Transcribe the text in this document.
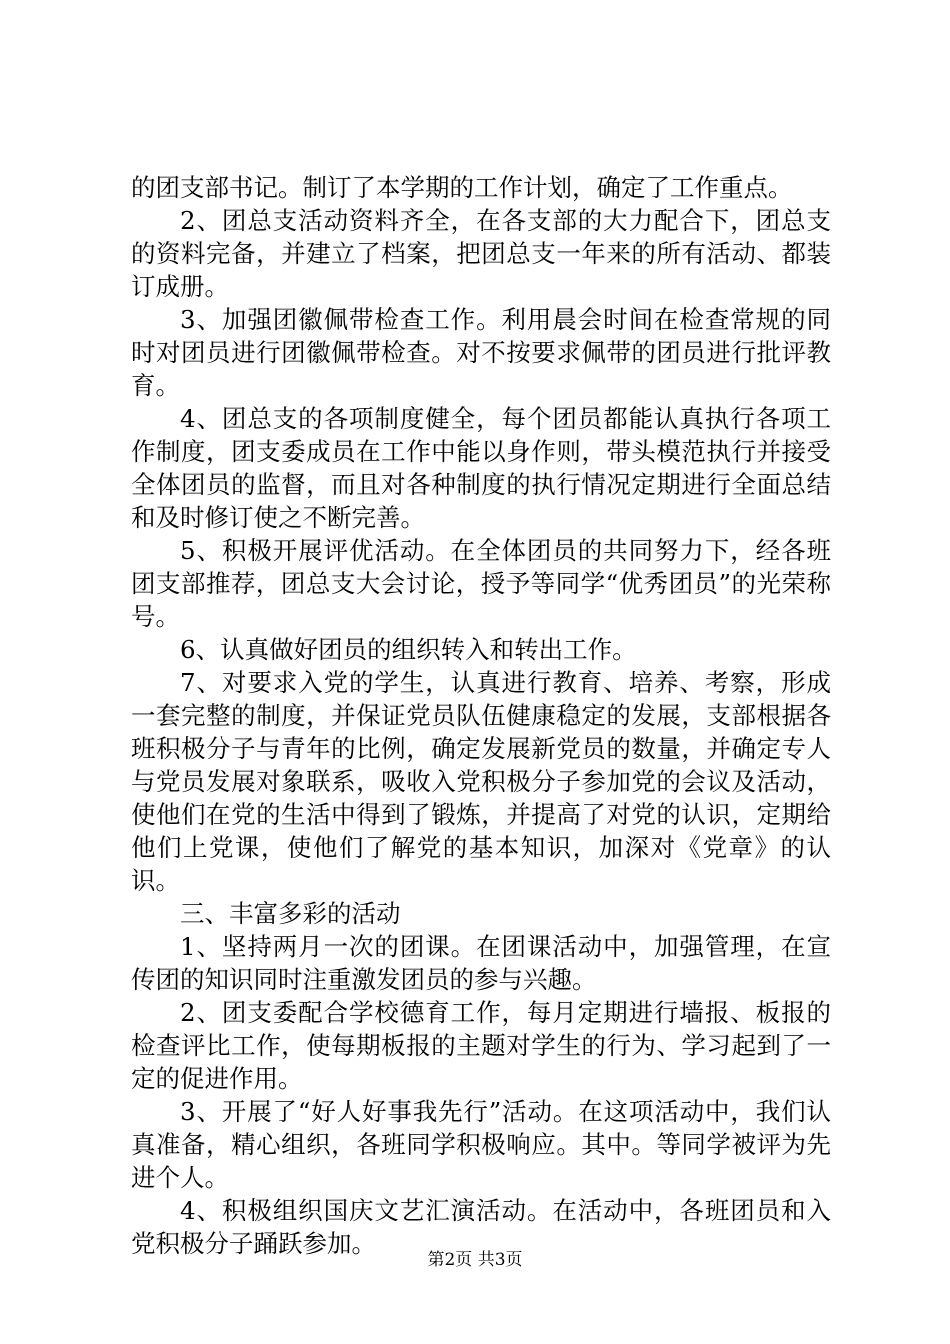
的团支部书记。制订了本学期的工作计划，确定了工作重点。

2、团总支活动资料齐全，在各支部的大力配合下，团总支的资料完备，并建立了档案，把团总支一年来的所有活动、都装订成册。

3、加强团徽佩带检查工作。利用晨会时间在检查常规的同时对团员进行团徽佩带检查。对不按要求佩带的团员进行批评教育。

4、团总支的各项制度健全，每个团员都能认真执行各项工作制度，团支委成员在工作中能以身作则，带头模范执行并接受全体团员的监督，而且对各种制度的执行情况定期进行全面总结和及时修订使之不断完善。

5、积极开展评优活动。在全体团员的共同努力下，经各班团支部推荐，团总支大会讨论，授予等同学“优秀团员”的光荣称号。

6、认真做好团员的组织转入和转出工作。

7、对要求入党的学生，认真进行教育、培养、考察，形成一套完整的制度，并保证党员队伍健康稳定的发展，支部根据各班积极分子与青年的比例，确定发展新党员的数量，并确定专人与党员发展对象联系，吸收入党积极分子参加党的会议及活动，使他们在党的生活中得到了锻炼，并提高了对党的认识，定期给他们上党课，使他们了解党的基本知识，加深对《党章》的认识。

三、丰富多彩的活动

1、坚持两月一次的团课。在团课活动中，加强管理，在宣传团的知识同时注重激发团员的参与兴趣。

2、团支委配合学校德育工作，每月定期进行墙报、板报的检查评比工作，使每期板报的主题对学生的行为、学习起到了一定的促进作用。

3、开展了“好人好事我先行”活动。在这项活动中，我们认真准备，精心组织，各班同学积极响应。其中。等同学被评为先进个人。

4、积极组织国庆文艺汇演活动。在活动中，各班团员和入党积极分子踊跃参加。

第2页 共3页
